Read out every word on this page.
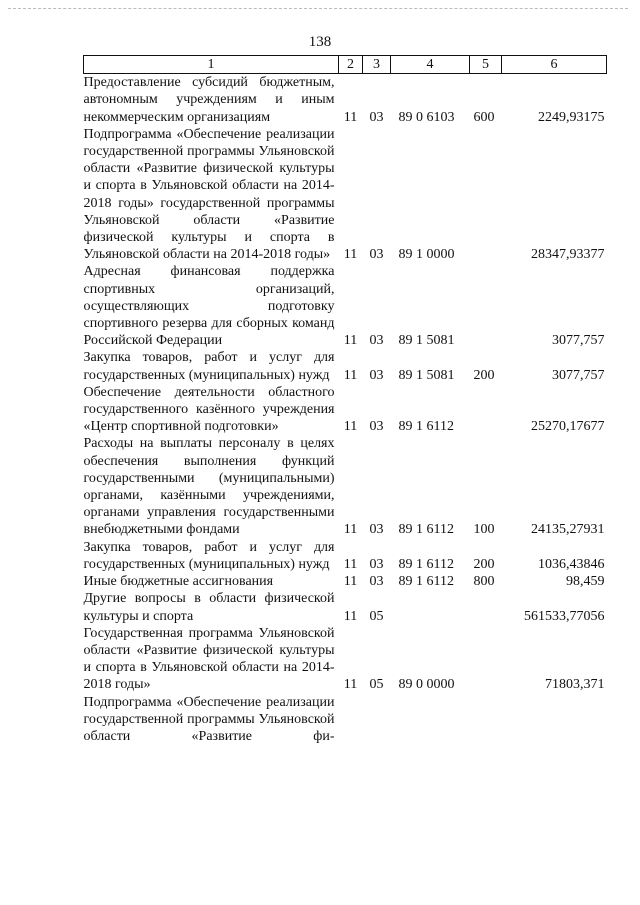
138
1	2	3	4	5	6
Предоставление субсидий бюджетным, автономным учреждениям и иным некоммерческим организациям	11	03	89 0 6103	600	2249,93175
Подпрограмма «Обеспечение реализации государственной программы Ульяновской области «Развитие физической культуры и спорта в Ульяновской области на 2014-2018 годы» государственной программы Ульяновской области «Развитие физической культуры и спорта в Ульяновской области на 2014-2018 годы»	11	03	89 1 0000		28347,93377
Адресная финансовая поддержка спортивных организаций, осуществляющих подготовку спортивного резерва для сборных команд Российской Федерации	11	03	89 1 5081		3077,757
Закупка товаров, работ и услуг для государственных (муниципальных) нужд	11	03	89 1 5081	200	3077,757
Обеспечение деятельности областного государственного казённого учреждения «Центр спортивной подготовки»	11	03	89 1 6112		25270,17677
Расходы на выплаты персоналу в целях обеспечения выполнения функций государственными (муниципальными) органами, казёнными учреждениями, органами управления государственными внебюджетными фондами	11	03	89 1 6112	100	24135,27931
Закупка товаров, работ и услуг для государственных (муниципальных) нужд	11	03	89 1 6112	200	1036,43846
Иные бюджетные ассигнования	11	03	89 1 6112	800	98,459
Другие вопросы в области физической культуры и спорта	11	05			561533,77056
Государственная программа Ульяновской области «Развитие физической культуры и спорта в Ульяновской области на 2014-2018 годы»	11	05	89 0 0000		71803,371
Подпрограмма «Обеспечение реализации государственной программы Ульяновской области «Развитие фи-					
